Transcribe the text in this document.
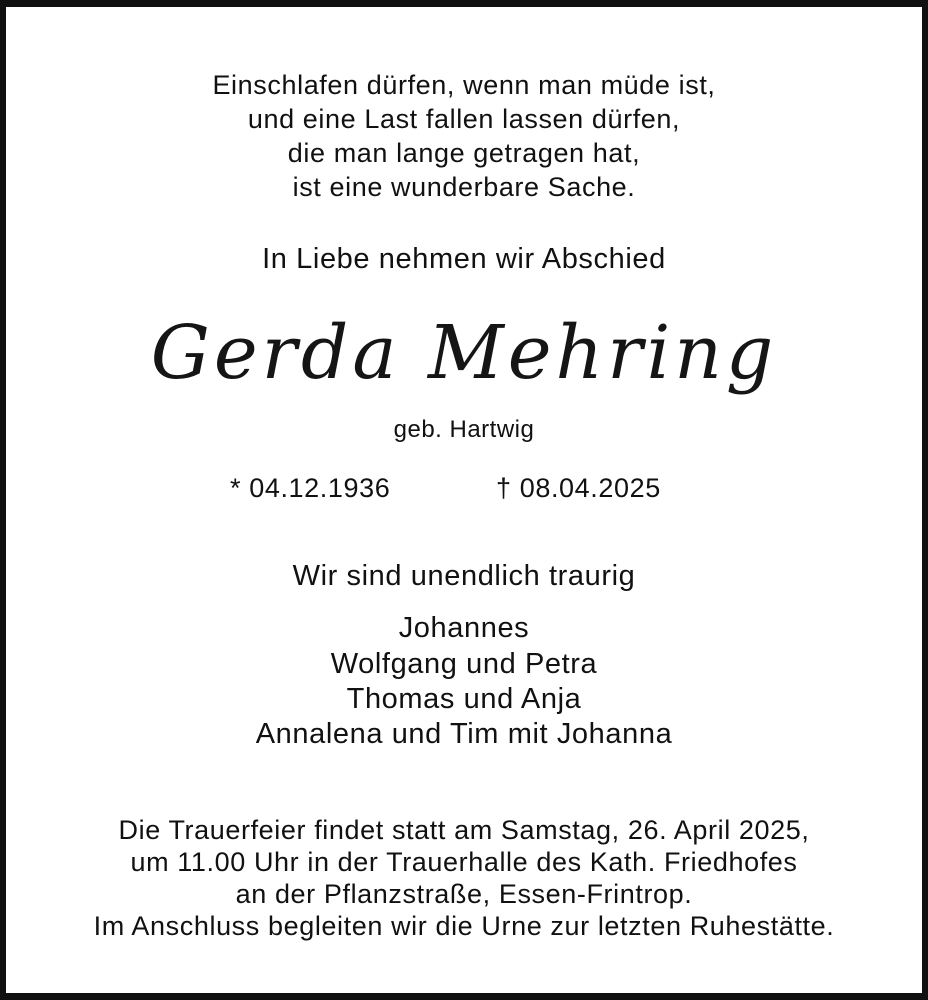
Einschlafen dürfen, wenn man müde ist,
und eine Last fallen lassen dürfen,
die man lange getragen hat,
ist eine wunderbare Sache.
In Liebe nehmen wir Abschied
Gerda Mehring
geb. Hartwig
* 04.12.1936	† 08.04.2025
Wir sind unendlich traurig
Johannes
Wolfgang und Petra
Thomas und Anja
Annalena und Tim mit Johanna
Die Trauerfeier findet statt am Samstag, 26. April 2025,
um 11.00 Uhr in der Trauerhalle des Kath. Friedhofes
an der Pflanzstraße, Essen-Frintrop.
Im Anschluss begleiten wir die Urne zur letzten Ruhestätte.
